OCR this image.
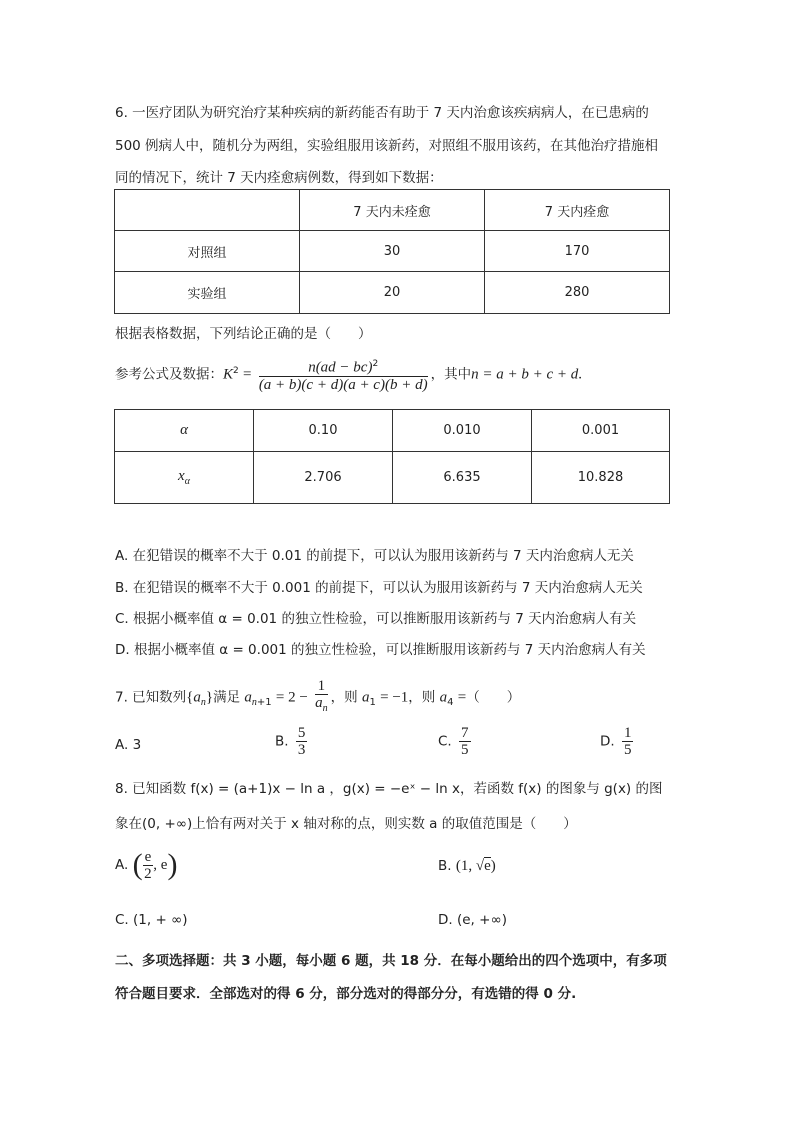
6. 一医疗团队为研究治疗某种疾病的新药能否有助于 7 天内治愈该疾病病人，在已患病的
500 例病人中，随机分为两组，实验组服用该新药，对照组不服用该药，在其他治疗措施相
同的情况下，统计 7 天内痊愈病例数，得到如下数据：
	7 天内未痊愈	7 天内痊愈
对照组	30	170
实验组	20	280
根据表格数据，下列结论正确的是（　　）
参考公式及数据：$K^2 = \frac{n(ad - bc)^2}{(a + b)(c + d)(a + c)(b + d)}$ ，其中n = a + b + c + d.
α	0.10	0.010	0.001
$x_\alpha$	2.706	6.635	10.828
A. 在犯错误的概率不大于 0.01 的前提下，可以认为服用该新药与 7 天内治愈病人无关
B. 在犯错误的概率不大于 0.001 的前提下，可以认为服用该新药与 7 天内治愈病人无关
C. 根据小概率值 α = 0.01 的独立性检验，可以推断服用该新药与 7 天内治愈病人有关
D. 根据小概率值 α = 0.001 的独立性检验，可以推断服用该新药与 7 天内治愈病人有关
7. 已知数列$\{a_n\}$满足 $a_{n+1} = 2 - \frac{1}{a_n}$ ，则 $a_1 = -1$，则 $a_4$ =（　　）
A. 3	B. $\frac{5}{3}$	C. $\frac{7}{5}$	D. $\frac{1}{5}$
8. 已知函数 f(x) = (a+1)x − ln a ，g(x) = −eˣ − ln x，若函数 f(x) 的图象与 g(x) 的图
象在(0, +∞)上恰有两对关于 x 轴对称的点，则实数 a 的取值范围是（　　）
A. ( $\frac{e}{2}$ , e)	B. (1, √e)
C. (1, + ∞)	D. (e, +∞)
二、多项选择题：共 3 小题，每小题 6 题，共 18 分．在每小题给出的四个选项中，有多项
符合题目要求．全部选对的得 6 分，部分选对的得部分分，有选错的得 0 分.
